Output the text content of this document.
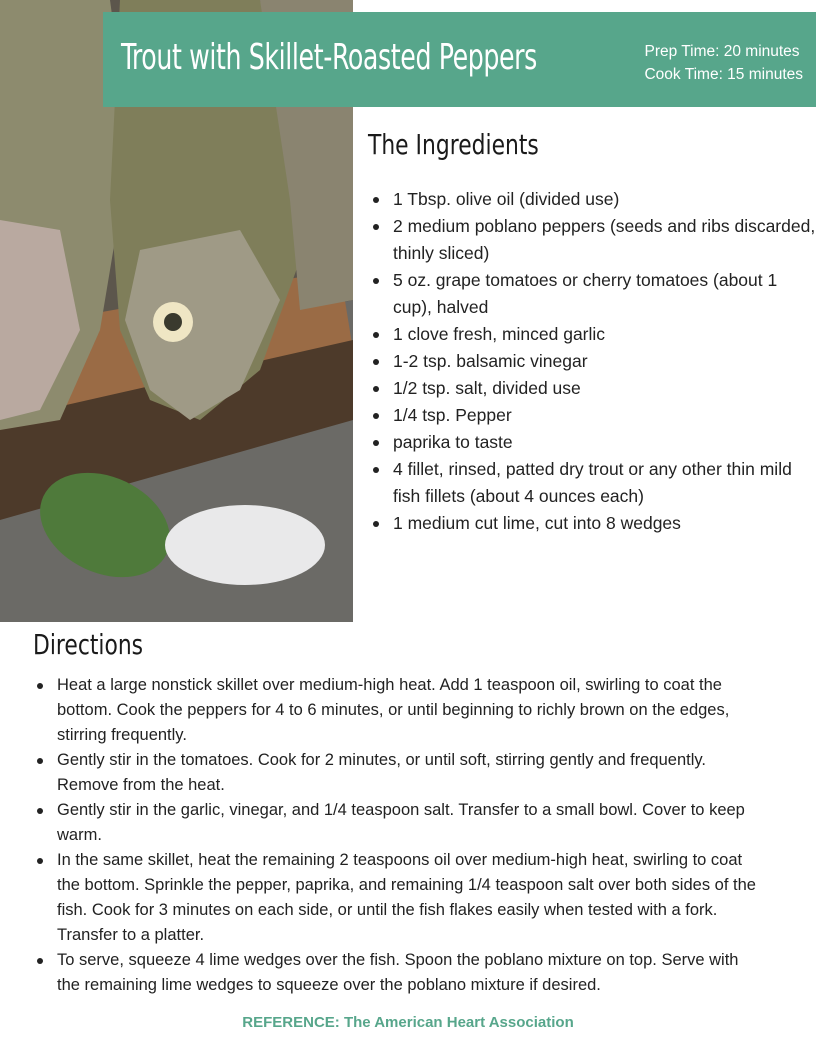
Trout with Skillet-Roasted Peppers	Prep Time: 20 minutes
Cook Time: 15 minutes
The Ingredients
1 Tbsp. olive oil (divided use)
2 medium poblano peppers (seeds and ribs discarded, thinly sliced)
5 oz. grape tomatoes or cherry tomatoes (about 1 cup), halved
1 clove fresh, minced garlic
1-2 tsp. balsamic vinegar
1/2 tsp. salt, divided use
1/4 tsp. Pepper
paprika to taste
4 fillet, rinsed, patted dry trout or any other thin mild fish fillets (about 4 ounces each)
1 medium cut lime, cut into 8 wedges
Directions
Heat a large nonstick skillet over medium-high heat. Add 1 teaspoon oil, swirling to coat the bottom. Cook the peppers for 4 to 6 minutes, or until beginning to richly brown on the edges, stirring frequently.
Gently stir in the tomatoes. Cook for 2 minutes, or until soft, stirring gently and frequently. Remove from the heat.
Gently stir in the garlic, vinegar, and 1/4 teaspoon salt. Transfer to a small bowl. Cover to keep warm.
In the same skillet, heat the remaining 2 teaspoons oil over medium-high heat, swirling to coat the bottom. Sprinkle the pepper, paprika, and remaining 1/4 teaspoon salt over both sides of the fish. Cook for 3 minutes on each side, or until the fish flakes easily when tested with a fork. Transfer to a platter.
To serve, squeeze 4 lime wedges over the fish. Spoon the poblano mixture on top. Serve with the remaining lime wedges to squeeze over the poblano mixture if desired.
REFERENCE: The American Heart Association
